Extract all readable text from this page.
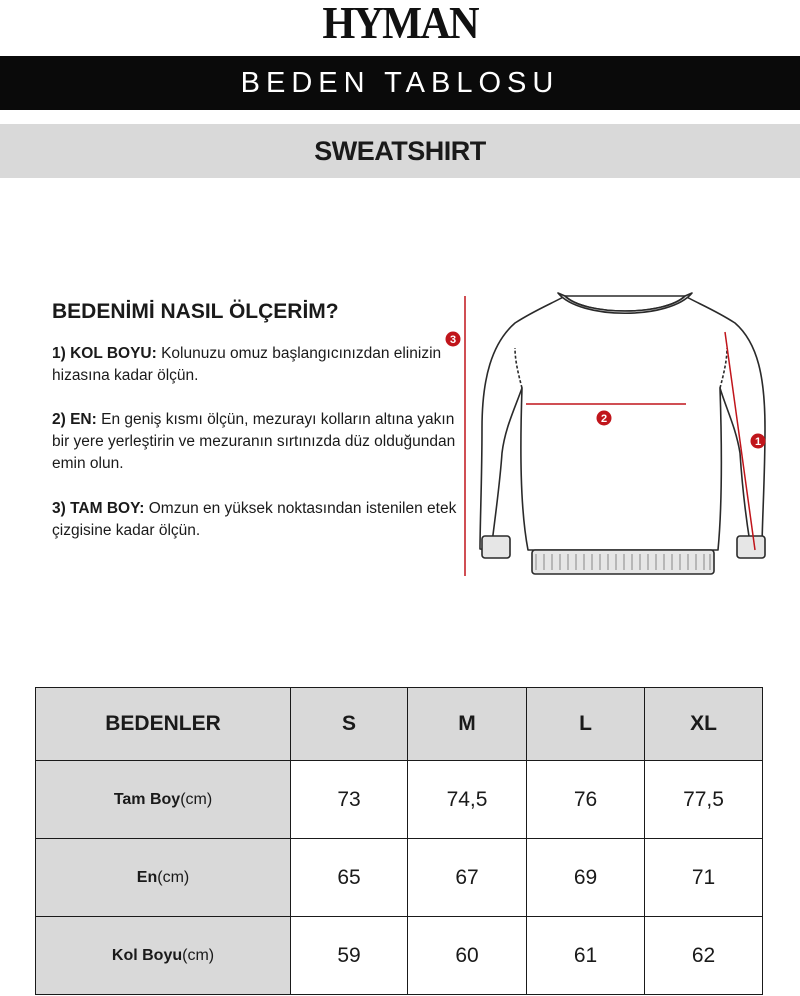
HYMAN
BEDEN TABLOSU
SWEATSHIRT
BEDENİMİ NASIL ÖLÇERİM?
1) KOL BOYU: Kolunuzu omuz başlangıcınızdan elinizin hizasına kadar ölçün.
2) EN: En geniş kısmı ölçün, mezurayı kolların altına yakın bir yere yerleştirin ve mezuranın sırtınızda düz olduğundan emin olun.
3) TAM BOY: Omzun en yüksek noktasından istenilen etek çizgisine kadar ölçün.
3
2
1
BEDENLER	S	M	L	XL
Tam Boy(cm)	73	74,5	76	77,5
En(cm)	65	67	69	71
Kol Boyu(cm)	59	60	61	62
